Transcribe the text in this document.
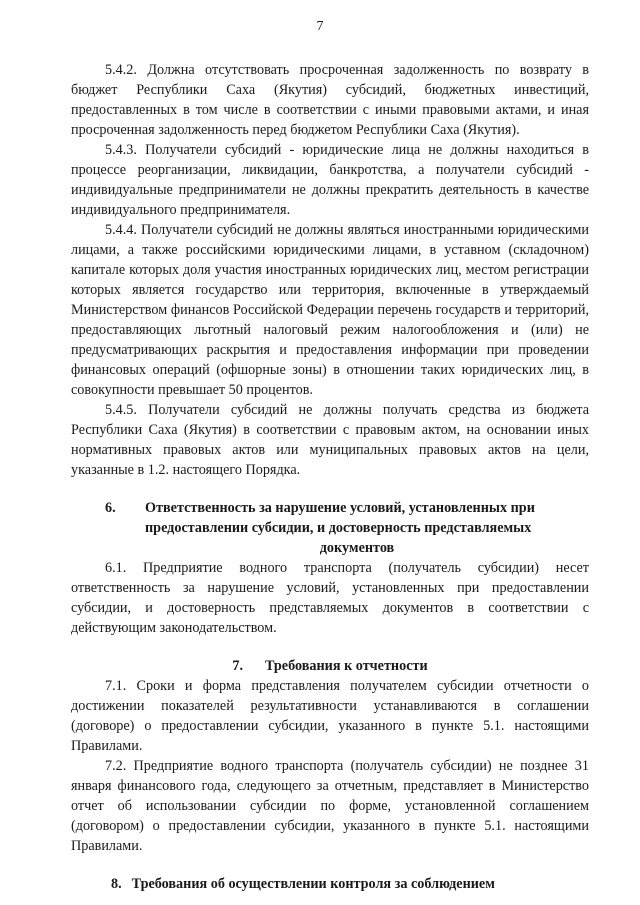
7

5.4.2. Должна отсутствовать просроченная задолженность по возврату в бюджет Республики Саха (Якутия) субсидий, бюджетных инвестиций, предоставленных в том числе в соответствии с иными правовыми актами, и иная просроченная задолженность перед бюджетом Республики Саха (Якутия).

5.4.3. Получатели субсидий - юридические лица не должны находиться в процессе реорганизации, ликвидации, банкротства, а получатели субсидий - индивидуальные предприниматели не должны прекратить деятельность в качестве индивидуального предпринимателя.

5.4.4. Получатели субсидий не должны являться иностранными юридическими лицами, а также российскими юридическими лицами, в уставном (складочном) капитале которых доля участия иностранных юридических лиц, местом регистрации которых является государство или территория, включенные в утверждаемый Министерством финансов Российской Федерации перечень государств и территорий, предоставляющих льготный налоговый режим налогообложения и (или) не предусматривающих раскрытия и предоставления информации при проведении финансовых операций (офшорные зоны) в отношении таких юридических лиц, в совокупности превышает 50 процентов.

5.4.5. Получатели субсидий не должны получать средства из бюджета Республики Саха (Якутия) в соответствии с правовым актом, на основании иных нормативных правовых актов или муниципальных правовых актов на цели, указанные в 1.2. настоящего Порядка.

6.	Ответственность за нарушение условий, установленных при
предоставлении субсидии, и достоверность представляемых
документов

6.1. Предприятие водного транспорта (получатель субсидии) несет ответственность за нарушение условий, установленных при предоставлении субсидии, и достоверность представляемых документов в соответствии с действующим законодательством.

7. Требования к отчетности

7.1. Сроки и форма представления получателем субсидии отчетности о достижении показателей результативности устанавливаются в соглашении (договоре) о предоставлении субсидии, указанного в пункте 5.1. настоящими Правилами.

7.2. Предприятие водного транспорта (получатель субсидии) не позднее 31 января финансового года, следующего за отчетным, представляет в Министерство отчет об использовании субсидии по форме, установленной соглашением (договором) о предоставлении субсидии, указанного в пункте 5.1. настоящими Правилами.

8. Требования об осуществлении контроля за соблюдением
